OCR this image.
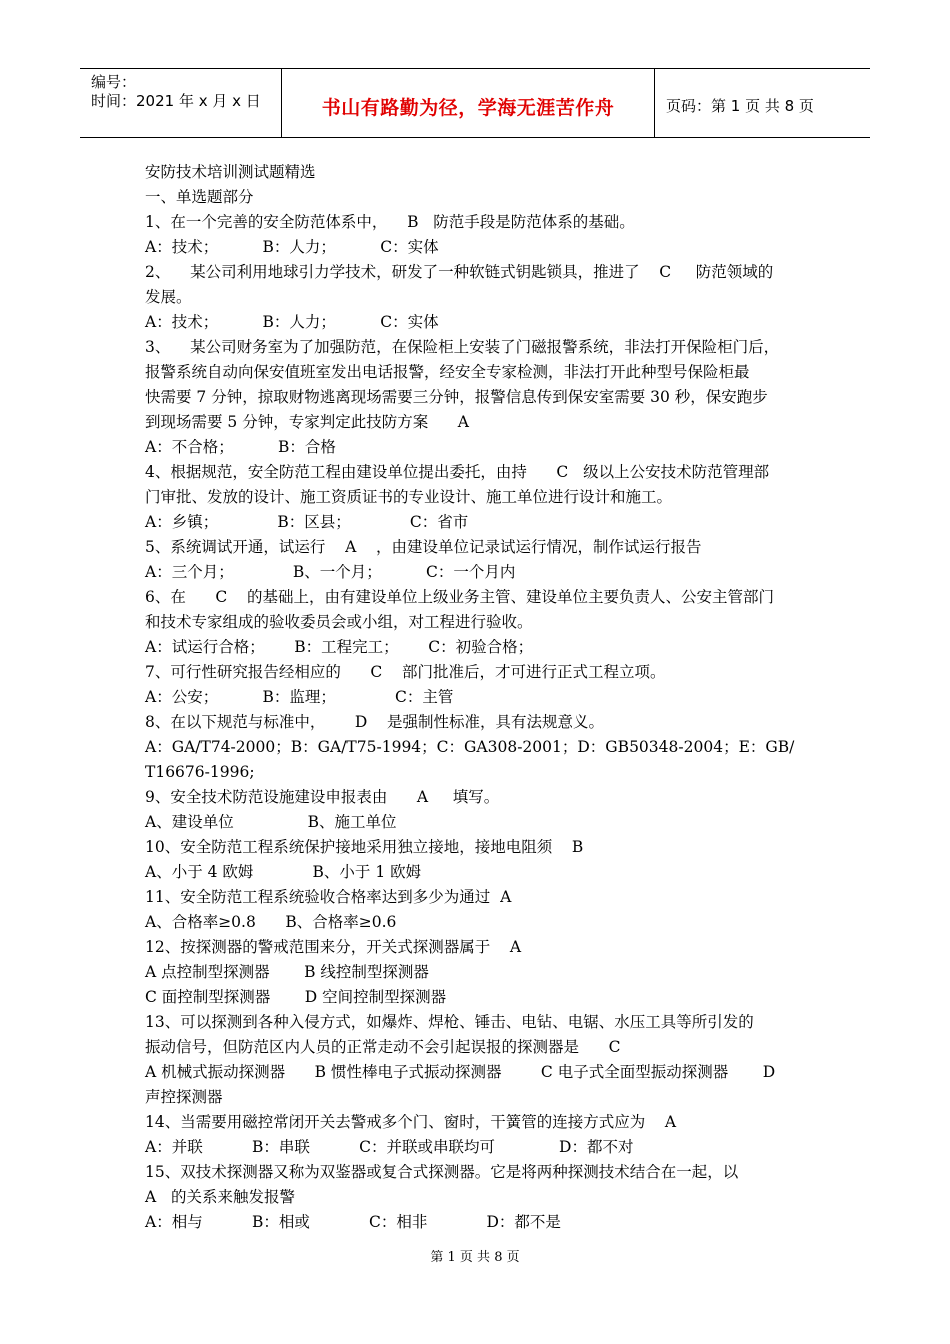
编号：
时间：2021 年 x 月 x 日	书山有路勤为径，学海无涯苦作舟	页码：第 1 页 共 8 页
安防技术培训测试题精选
一、单选题部分
1、在一个完善的安全防范体系中，    B   防范手段是防范体系的基础。
A：技术；         B：人力；         C：实体
2、    某公司利用地球引力学技术，研发了一种软链式钥匙锁具，推进了    C     防范领域的
发展。
A：技术；         B：人力；         C：实体
3、    某公司财务室为了加强防范，在保险柜上安装了门磁报警系统，非法打开保险柜门后，
报警系统自动向保安值班室发出电话报警，经安全专家检测，非法打开此种型号保险柜最
快需要 7 分钟，掠取财物逃离现场需要三分钟，报警信息传到保安室需要 30 秒，保安跑步
到现场需要 5 分钟，专家判定此技防方案      A
A：不合格；         B：合格
4、根据规范，安全防范工程由建设单位提出委托，由持      C   级以上公安技术防范管理部
门审批、发放的设计、施工资质证书的专业设计、施工单位进行设计和施工。
A：乡镇；            B：区县；            C：省市
5、系统调试开通，试运行    A    ，由建设单位记录试运行情况，制作试运行报告
A：三个月；            B、一个月；         C：一个月内
6、在      C    的基础上，由有建设单位上级业务主管、建设单位主要负责人、公安主管部门
和技术专家组成的验收委员会或小组，对工程进行验收。
A：试运行合格；      B：工程完工；      C：初验合格；
7、可行性研究报告经相应的      C    部门批准后，才可进行正式工程立项。
A：公安；         B：监理；            C：主管
8、在以下规范与标准中，      D    是强制性标准，具有法规意义。
A：GA/T74-2000；B：GA/T75-1994；C：GA308-2001；D：GB50348-2004；E：GB/
T16676-1996;
9、安全技术防范设施建设申报表由      A     填写。
A、建设单位               B、施工单位
10、安全防范工程系统保护接地采用独立接地，接地电阻须    B
A、小于 4 欧姆            B、小于 1 欧姆
11、安全防范工程系统验收合格率达到多少为通过  A
A、合格率≥0.8      B、合格率≥0.6
12、按探测器的警戒范围来分，开关式探测器属于    A
A 点控制型探测器       B 线控制型探测器
C 面控制型探测器       D 空间控制型探测器
13、可以探测到各种入侵方式，如爆炸、焊枪、锤击、电钻、电锯、水压工具等所引发的
振动信号，但防范区内人员的正常走动不会引起误报的探测器是      C
A 机械式振动探测器      B 惯性棒电子式振动探测器        C 电子式全面型振动探测器       D
声控探测器
14、当需要用磁控常闭开关去警戒多个门、窗时，干簧管的连接方式应为    A
A：并联          B：串联          C：并联或串联均可             D：都不对
15、双技术探测器又称为双鉴器或复合式探测器。它是将两种探测技术结合在一起，以
A   的关系来触发报警
A：相与          B：相或            C：相非            D：都不是
第 1 页 共 8 页
